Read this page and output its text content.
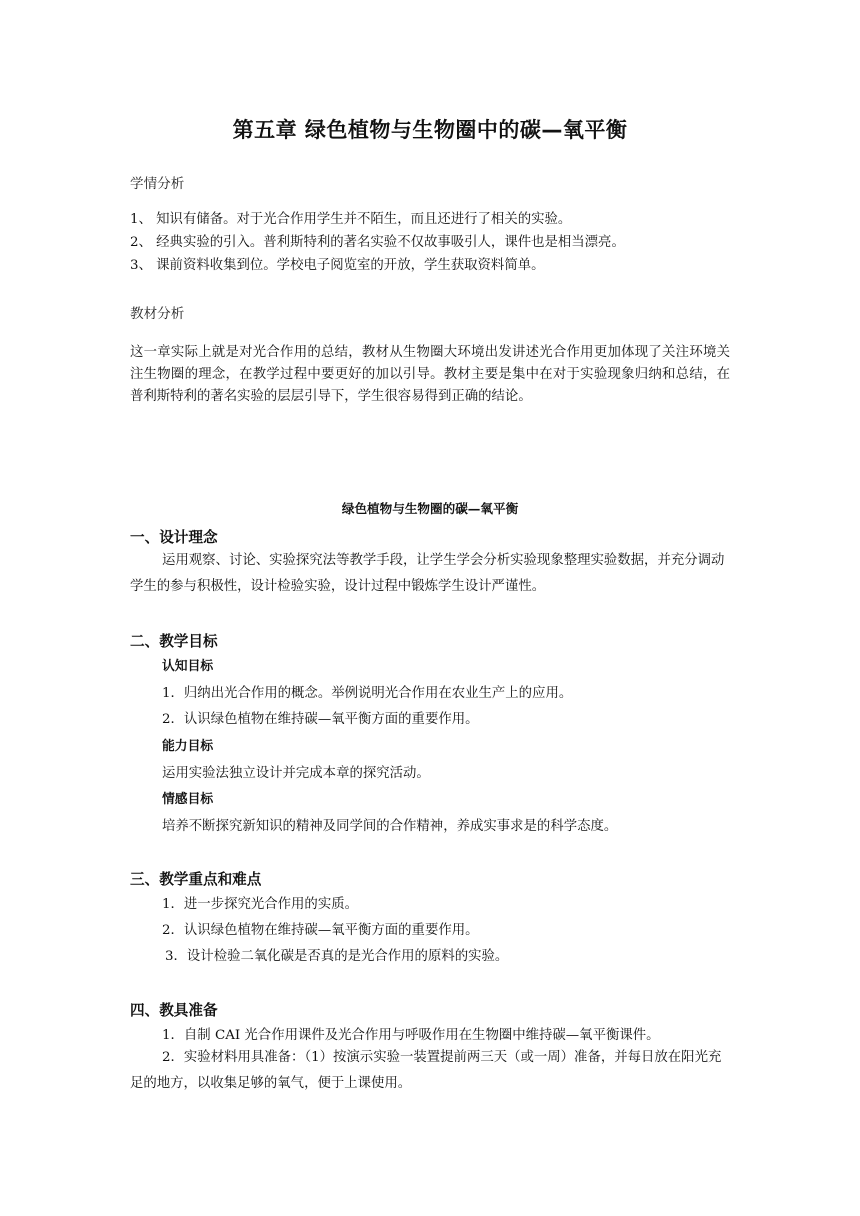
第五章 绿色植物与生物圈中的碳—氧平衡
学情分析
1、 知识有储备。对于光合作用学生并不陌生，而且还进行了相关的实验。
2、 经典实验的引入。普利斯特利的著名实验不仅故事吸引人，课件也是相当漂亮。
3、 课前资料收集到位。学校电子阅览室的开放，学生获取资料简单。
教材分析
这一章实际上就是对光合作用的总结，教材从生物圈大环境出发讲述光合作用更加体现了关注环境关注生物圈的理念，在教学过程中要更好的加以引导。教材主要是集中在对于实验现象归纳和总结，在普利斯特利的著名实验的层层引导下，学生很容易得到正确的结论。
绿色植物与生物圈的碳—氧平衡
一、设计理念
运用观察、讨论、实验探究法等教学手段，让学生学会分析实验现象整理实验数据，并充分调动学生的参与积极性，设计检验实验，设计过程中锻炼学生设计严谨性。
二、教学目标
认知目标
1．归纳出光合作用的概念。举例说明光合作用在农业生产上的应用。
2．认识绿色植物在维持碳—氧平衡方面的重要作用。
能力目标
运用实验法独立设计并完成本章的探究活动。
情感目标
培养不断探究新知识的精神及同学间的合作精神，养成实事求是的科学态度。
三、教学重点和难点
1．进一步探究光合作用的实质。
2．认识绿色植物在维持碳—氧平衡方面的重要作用。
3．设计检验二氧化碳是否真的是光合作用的原料的实验。
四、教具准备
1．自制 CAI 光合作用课件及光合作用与呼吸作用在生物圈中维持碳—氧平衡课件。
2．实验材料用具准备：（1）按演示实验一装置提前两三天（或一周）准备，并每日放在阳光充足的地方，以收集足够的氧气，便于上课使用。
